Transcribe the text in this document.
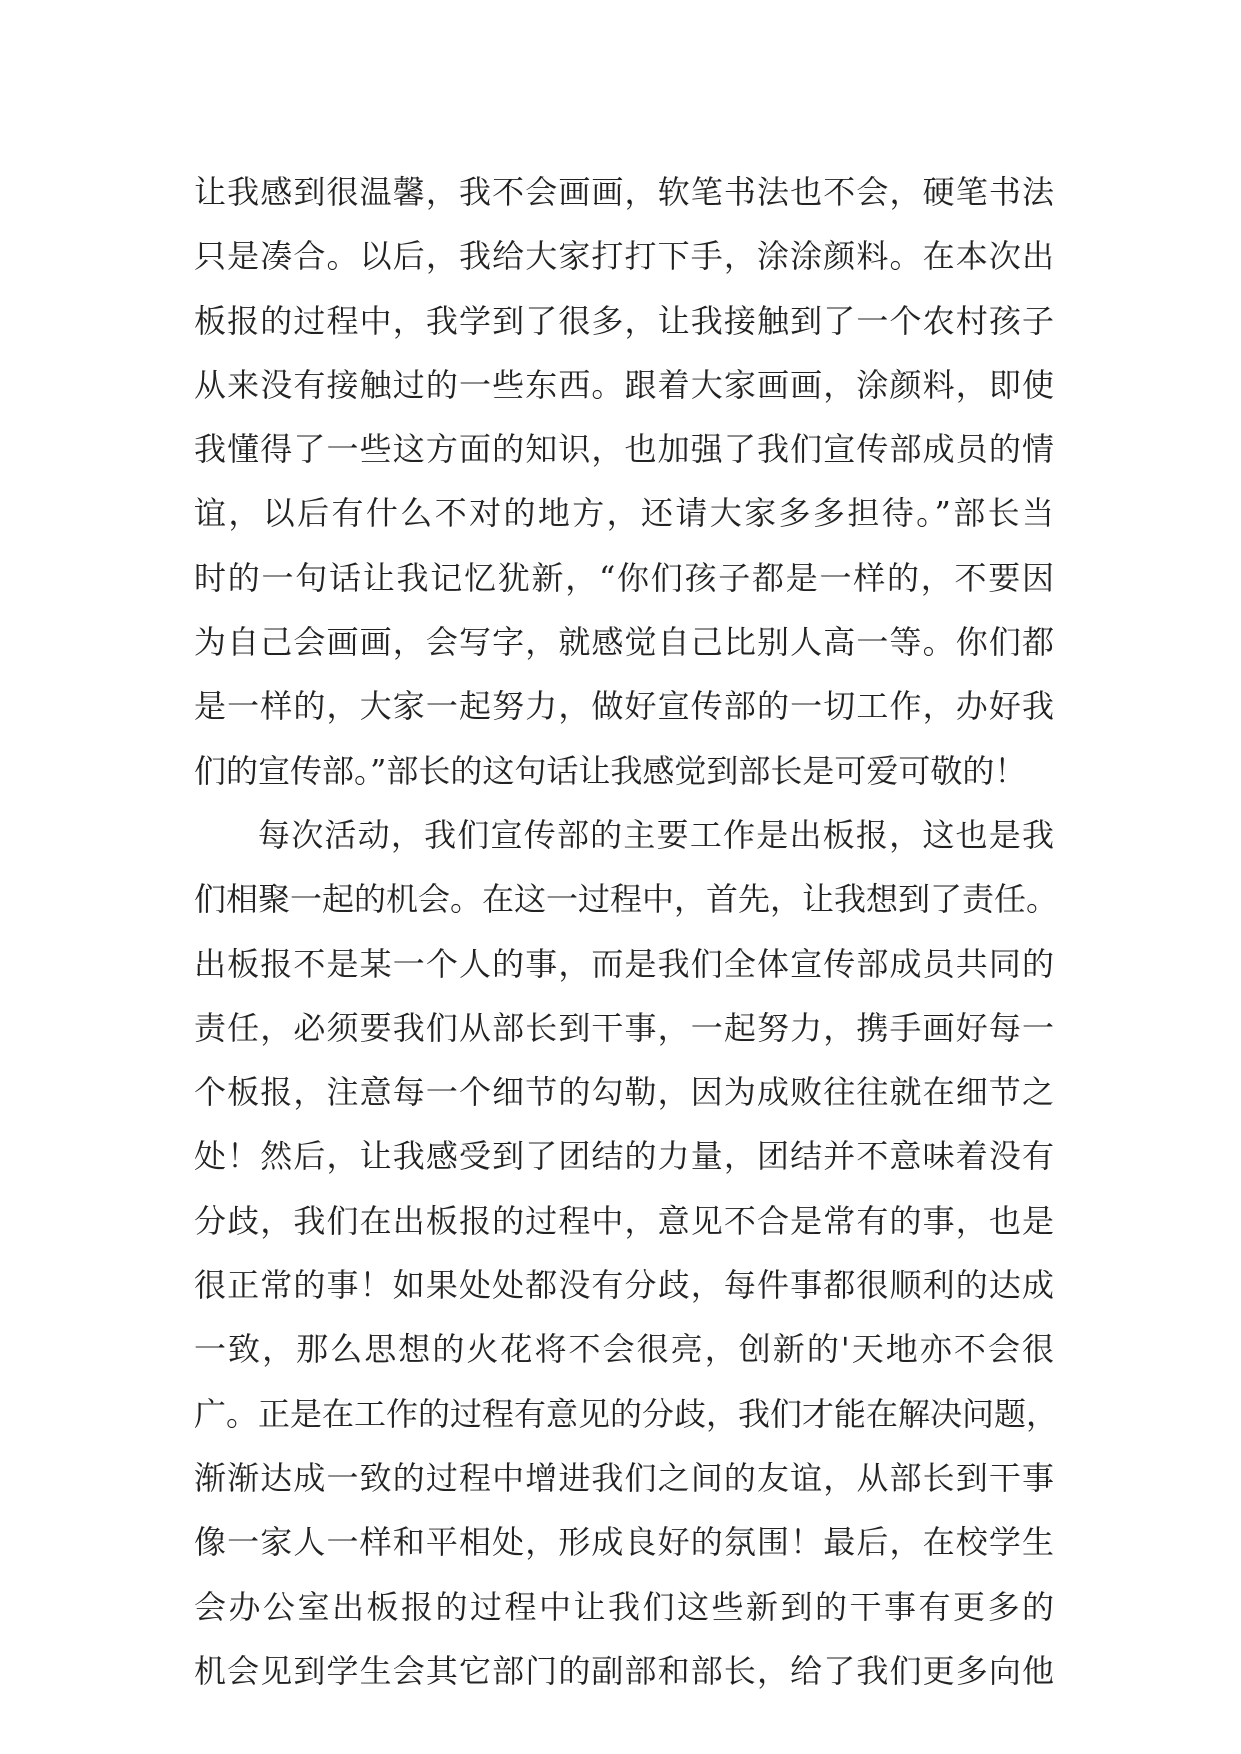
让我感到很温馨，我不会画画，软笔书法也不会，硬笔书法
只是凑合。以后，我给大家打打下手，涂涂颜料。在本次出
板报的过程中，我学到了很多，让我接触到了一个农村孩子
从来没有接触过的一些东西。跟着大家画画，涂颜料，即使
我懂得了一些这方面的知识，也加强了我们宣传部成员的情
谊，以后有什么不对的地方，还请大家多多担待。”部长当
时的一句话让我记忆犹新，“你们孩子都是一样的，不要因
为自己会画画，会写字，就感觉自己比别人高一等。你们都
是一样的，大家一起努力，做好宣传部的一切工作，办好我
们的宣传部。”部长的这句话让我感觉到部长是可爱可敬的！
每次活动，我们宣传部的主要工作是出板报，这也是我
们相聚一起的机会。在这一过程中，首先，让我想到了责任。
出板报不是某一个人的事，而是我们全体宣传部成员共同的
责任，必须要我们从部长到干事，一起努力，携手画好每一
个板报，注意每一个细节的勾勒，因为成败往往就在细节之
处！然后，让我感受到了团结的力量，团结并不意味着没有
分歧，我们在出板报的过程中，意见不合是常有的事，也是
很正常的事！如果处处都没有分歧，每件事都很顺利的达成
一致，那么思想的火花将不会很亮，创新的'天地亦不会很
广。正是在工作的过程有意见的分歧，我们才能在解决问题，
渐渐达成一致的过程中增进我们之间的友谊，从部长到干事
像一家人一样和平相处，形成良好的氛围！最后，在校学生
会办公室出板报的过程中让我们这些新到的干事有更多的
机会见到学生会其它部门的副部和部长，给了我们更多向他
